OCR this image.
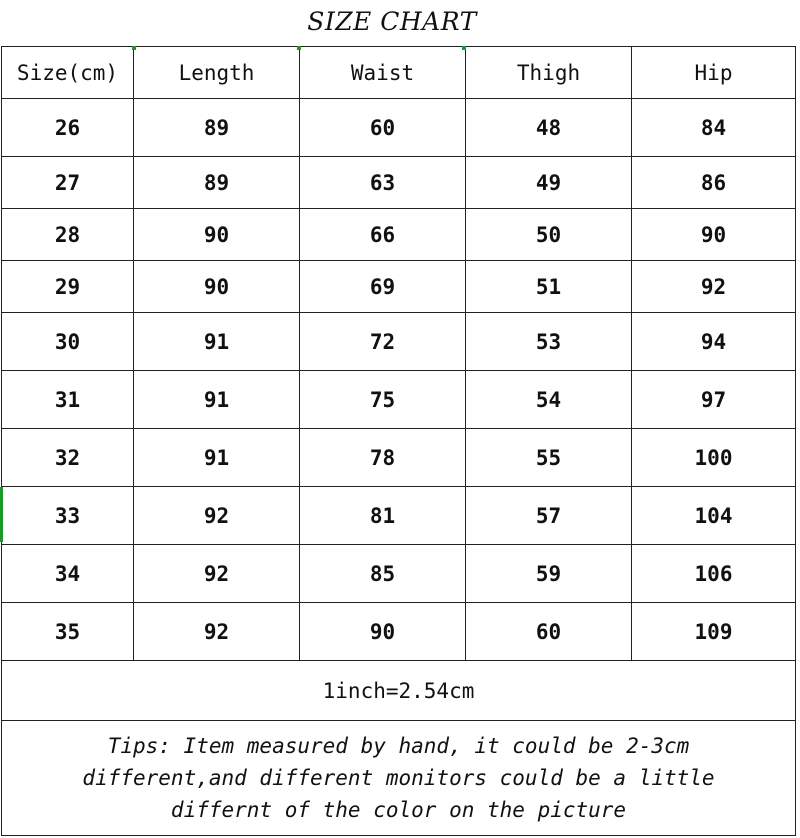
SIZE CHART
Size(cm)	Length	Waist	Thigh	Hip
26	89	60	48	84
27	89	63	49	86
28	90	66	50	90
29	90	69	51	92
30	91	72	53	94
31	91	75	54	97
32	91	78	55	100
33	92	81	57	104
34	92	85	59	106
35	92	90	60	109
1inch=2.54cm
Tips: Item measured by hand, it could be 2-3cm
different,and different monitors could be a little
differnt of the color on the picture
